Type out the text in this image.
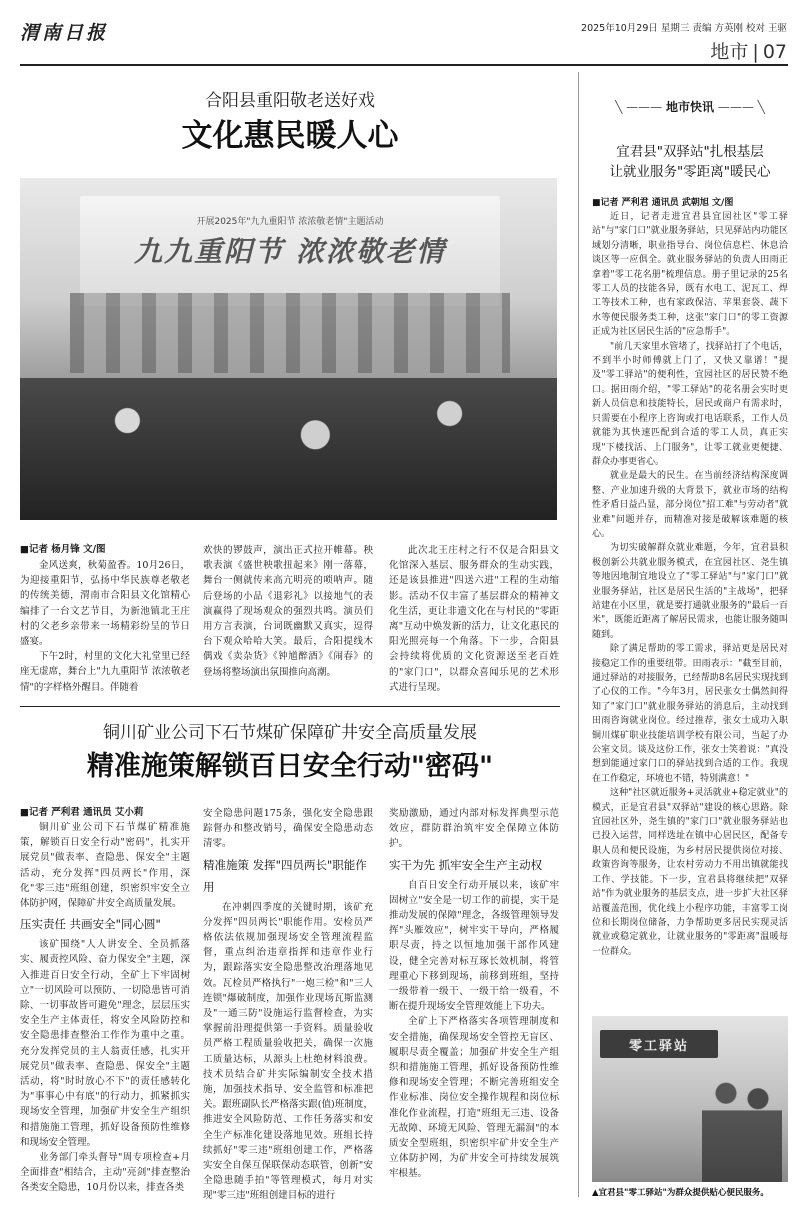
渭南日报	2025年10月29日 星期三 责编 方英刚 校对 王驱
地市 | 07
合阳县重阳敬老送好戏
文化惠民暖人心
开展2025年"九九重阳节 浓浓敬老情"主题活动
九九重阳节 浓浓敬老情
■记者 杨月锋 文/图

金风送爽，秋菊盈香。10月26日，为迎接重阳节，弘扬中华民族尊老敬老的传统美德，渭南市合阳县文化馆精心编排了一台文艺节目，为新池镇北王庄村的父老乡亲带来一场精彩纷呈的节日盛宴。

下午2时，村里的文化大礼堂里已经座无虚席，舞台上"九九重阳节 浓浓敬老情"的字样格外醒目。伴随着

欢快的锣鼓声，演出正式拉开帷幕。秧歌表演《盛世秧歌扭起来》刚一落幕，舞台一侧就传来高亢明亮的唢呐声。随后登场的小品《退彩礼》以接地气的表演赢得了现场观众的强烈共鸣。演员们用方言表演，台词既幽默又真实，逗得台下观众哈哈大笑。最后，合阳提线木偶戏《卖杂货》《钟馗醉酒》《闹春》的登场将整场演出氛围推向高潮。

此次北王庄村之行不仅是合阳县文化馆深入基层、服务群众的生动实践，还是该县推进"四送六进"工程的生动缩影。活动不仅丰富了基层群众的精神文化生活，更让非遗文化在与村民的"零距离"互动中焕发新的活力，让文化惠民的阳光照亮每一个角落。下一步，合阳县会持续将优质的文化资源送至老百姓的"家门口"，以群众喜闻乐见的艺术形式进行呈现。

铜川矿业公司下石节煤矿保障矿井安全高质量发展
精准施策解锁百日安全行动"密码"
■记者 严利君 通讯员 艾小莉

铜川矿业公司下石节煤矿精准施策，解锁百日安全行动"密码"，扎实开展党员"做表率、查隐患、保安全"主题活动，充分发挥"四员两长"作用，深化"零三违"班组创建，织密织牢安全立体防护网，保障矿井安全高质量发展。

压实责任 共画安全"同心圆"

该矿围绕"人人讲安全、全员抓落实、履责控风险、奋力保安全"主题，深入推进百日安全行动，全矿上下牢固树立"一切风险可以预防、一切隐患皆可消除、一切事故皆可避免"理念，层层压实安全生产主体责任，将安全风险防控和安全隐患排查整治工作作为重中之重。充分发挥党员的主人翁责任感，扎实开展党员"做表率、查隐患、保安全"主题活动，将"时时放心不下"的责任感转化为"事事心中有底"的行动力，抓紧抓实现场安全管理，加强矿井安全生产组织和措施施工管理，抓好设备预防性维修和现场安全管理。

业务部门牵头督导"周专项检查+月全面排查"相结合，主动"亮剑"排查整治各类安全隐患，10月份以来，排查各类

安全隐患问题175条，强化安全隐患跟踪督办和整改销号，确保安全隐患动态清零。

精准施策 发挥"四员两长"职能作用

在冲刺四季度的关键时期，该矿充分发挥"四员两长"职能作用。安检员严格依法依规加强现场安全管理流程监督，重点纠治违章指挥和违章作业行为，跟踪落实安全隐患整改治理落地见效。瓦检员严格执行"一炮三检"和"三人连锁"爆破制度，加强作业现场瓦斯监测及"一通三防"设施运行监督检查，为实掌握前沿理提供第一手资料。质量验收员严格工程质量验收把关，确保一次施工质量达标，从源头上杜绝材料浪费。技术员结合矿井实际编制安全技术措施，加强技术指导、安全监管和标准把关。跟班副队长严格落实跟(值)班制度，推进安全风险防范、工作任务落实和安全生产标准化建设落地见效。班组长持续抓好"零三违"班组创建工作，严格落实安全自保互保联保动态联管，创新"安全隐患随手拍"等管理模式，每月对实现"零三违"班组创建目标的进行

奖励激励，通过内部对标发挥典型示范效应，群防群治筑牢安全保障立体防护。

实干为先 抓牢安全生产主动权

自百日安全行动开展以来，该矿牢固树立"安全是一切工作的前提，实干是推动发展的保障"理念，各级管理领导发挥"头雁效应"，树牢实干导向，严格履职尽责，持之以恒地加强干部作风建设，健全完善对标互琢长效机制，将管理重心下移到现场，前移到班组，坚持一级带着一级干、一级干给一级看，不断在提升现场安全管理效能上下功夫。

全矿上下严格落实各项管理制度和安全措施，确保现场安全管控无盲区、履职尽责全覆盖；加强矿井安全生产组织和措施施工管理，抓好设备预防性维修和现场安全管理；不断完善班组安全作业标准、岗位安全操作规程和岗位标准化作业流程，打造"班组无三违、设备无故障、环境无风险、管理无漏洞"的本质安全型班组，织密织牢矿井安全生产立体防护网，为矿井安全可持续发展筑牢根基。

╲ ——— 地市快讯 ——— ╲
宜君县"双驿站"扎根基层
让就业服务"零距离"暖民心
■记者 严利君 通讯员 武朝旭 文/图

近日，记者走进宜君县宜园社区"零工驿站"与"家门口"就业服务驿站，只见驿站内功能区域划分清晰，职业指导台、岗位信息栏、休息洽谈区等一应俱全。就业服务驿站的负责人田雨正拿着"零工花名册"梳理信息。册子里记录的25名零工人员的技能各异，既有水电工、泥瓦工、焊工等技术工种，也有家政保洁、苹果套袋、蔬下水等便民服务类工种，这张"家门口"的零工资源正成为社区居民生活的"应急帮手"。

"前几天家里水管堵了，找驿站打了个电话，不到半小时师傅就上门了，又快又靠谱！"提及"零工驿站"的便利性，宜园社区的居民赞不绝口。据田雨介绍，"零工驿站"的花名册会实时更新人员信息和技能特长，居民或商户有需求时，只需要在小程序上咨询或打电话联系，工作人员就能为其快速匹配到合适的零工人员，真正实现"下楼找活、上门服务"，让零工就业更便捷、群众办事更省心。

就业是最大的民生。在当前经济结构深度调整、产业加速升级的大背景下，就业市场的结构性矛盾日益凸显，部分岗位"招工难"与劳动者"就业难"问题并存，而精准对接是破解该难题的核心。

为切实破解群众就业难题，今年，宜君县积极创新公共就业服务模式，在宜园社区、尧生镇等地因地制宜地设立了"零工驿站"与"家门口"就业服务驿站，社区是居民生活的"主战场"，把驿站建在小区里，就是要打通就业服务的"最后一百米"，既能近距离了解居民需求，也能让服务随叫随到。

除了满足帮助的零工需求，驿站更是居民对接稳定工作的重要纽带。田雨表示："截至目前，通过驿站的对接服务，已经帮助8名居民实现找到了心仪的工作。"今年3月，居民张女士偶然间得知了"家门口"就业服务驿站的消息后，主动找到田雨咨询就业岗位。经过推荐，张女士成功入职铜川煤矿职业技能培训学校有限公司，当起了办公室文员。谈及这份工作，张女士笑着说："真没想到能通过家门口的驿站找到合适的工作。我现在工作稳定，环境也不错，特别满意！"

这种"社区就近服务+灵活就业+稳定就业"的模式，正是宜君县"双驿站"建设的核心思路。除宜园社区外，尧生镇的"家门口"就业服务驿站也已投入运营，同样选址在镇中心居民区，配备专职人员和便民设施，为乡村居民提供岗位对接、政策咨询等服务，让农村劳动力不用出镇就能找工作、学技能。下一步，宜君县将继续把"双驿站"作为就业服务的基层支点，进一步扩大社区驿站覆盖范围，优化线上小程序功能，丰富零工岗位和长期岗位储备，力争帮助更多居民实现灵活就业或稳定就业，让就业服务的"零距离"温暖每一位群众。

零工驿站
▲宜君县"零工驿站"为群众提供贴心便民服务。
